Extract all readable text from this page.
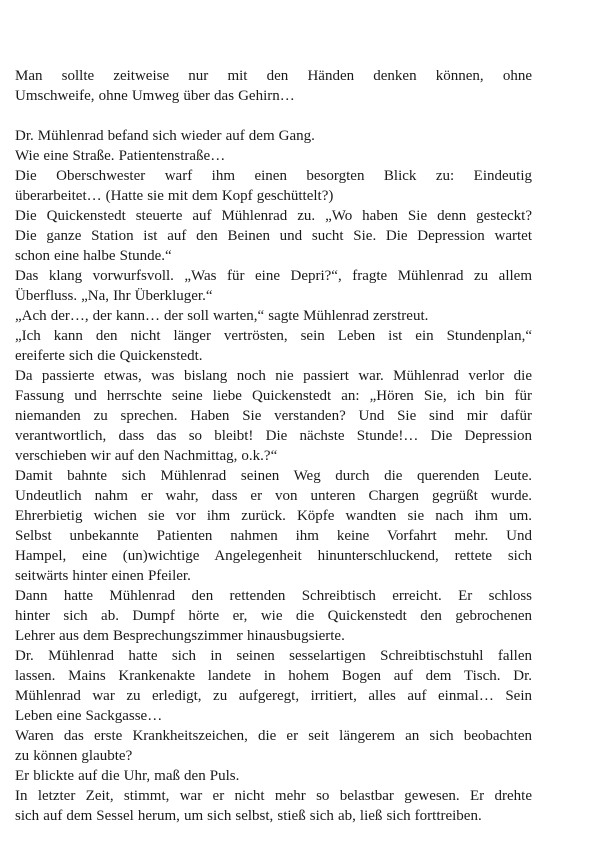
Man sollte zeitweise nur mit den Händen denken können, ohne
Umschweife, ohne Umweg über das Gehirn…
Dr. Mühlenrad befand sich wieder auf dem Gang.
Wie eine Straße. Patientenstraße…
Die Oberschwester warf ihm einen besorgten Blick zu: Eindeutig
überarbeitet… (Hatte sie mit dem Kopf geschüttelt?)
Die Quickenstedt steuerte auf Mühlenrad zu. „Wo haben Sie denn gesteckt?
Die ganze Station ist auf den Beinen und sucht Sie. Die Depression wartet
schon eine halbe Stunde.“
Das klang vorwurfsvoll. „Was für eine Depri?“, fragte Mühlenrad zu allem
Überfluss. „Na, Ihr Überkluger.“
„Ach der…, der kann… der soll warten,“ sagte Mühlenrad zerstreut.
„Ich kann den nicht länger vertrösten, sein Leben ist ein Stundenplan,“
ereiferte sich die Quickenstedt.
Da passierte etwas, was bislang noch nie passiert war. Mühlenrad verlor die
Fassung und herrschte seine liebe Quickenstedt an: „Hören Sie, ich bin für
niemanden zu sprechen. Haben Sie verstanden? Und Sie sind mir dafür
verantwortlich, dass das so bleibt! Die nächste Stunde!… Die Depression
verschieben wir auf den Nachmittag, o.k.?“
Damit bahnte sich Mühlenrad seinen Weg durch die querenden Leute.
Undeutlich nahm er wahr, dass er von unteren Chargen gegrüßt wurde.
Ehrerbietig wichen sie vor ihm zurück. Köpfe wandten sie nach ihm um.
Selbst unbekannte Patienten nahmen ihm keine Vorfahrt mehr. Und
Hampel, eine (un)wichtige Angelegenheit hinunterschluckend, rettete sich
seitwärts hinter einen Pfeiler.
Dann hatte Mühlenrad den rettenden Schreibtisch erreicht. Er schloss
hinter sich ab. Dumpf hörte er, wie die Quickenstedt den gebrochenen
Lehrer aus dem Besprechungszimmer hinausbugsierte.
Dr. Mühlenrad hatte sich in seinen sesselartigen Schreibtischstuhl fallen
lassen. Mains Krankenakte landete in hohem Bogen auf dem Tisch. Dr.
Mühlenrad war zu erledigt, zu aufgeregt, irritiert, alles auf einmal… Sein
Leben eine Sackgasse…
Waren das erste Krankheitszeichen, die er seit längerem an sich beobachten
zu können glaubte?
Er blickte auf die Uhr, maß den Puls.
In letzter Zeit, stimmt, war er nicht mehr so belastbar gewesen. Er drehte
sich auf dem Sessel herum, um sich selbst, stieß sich ab, ließ sich forttreiben.
